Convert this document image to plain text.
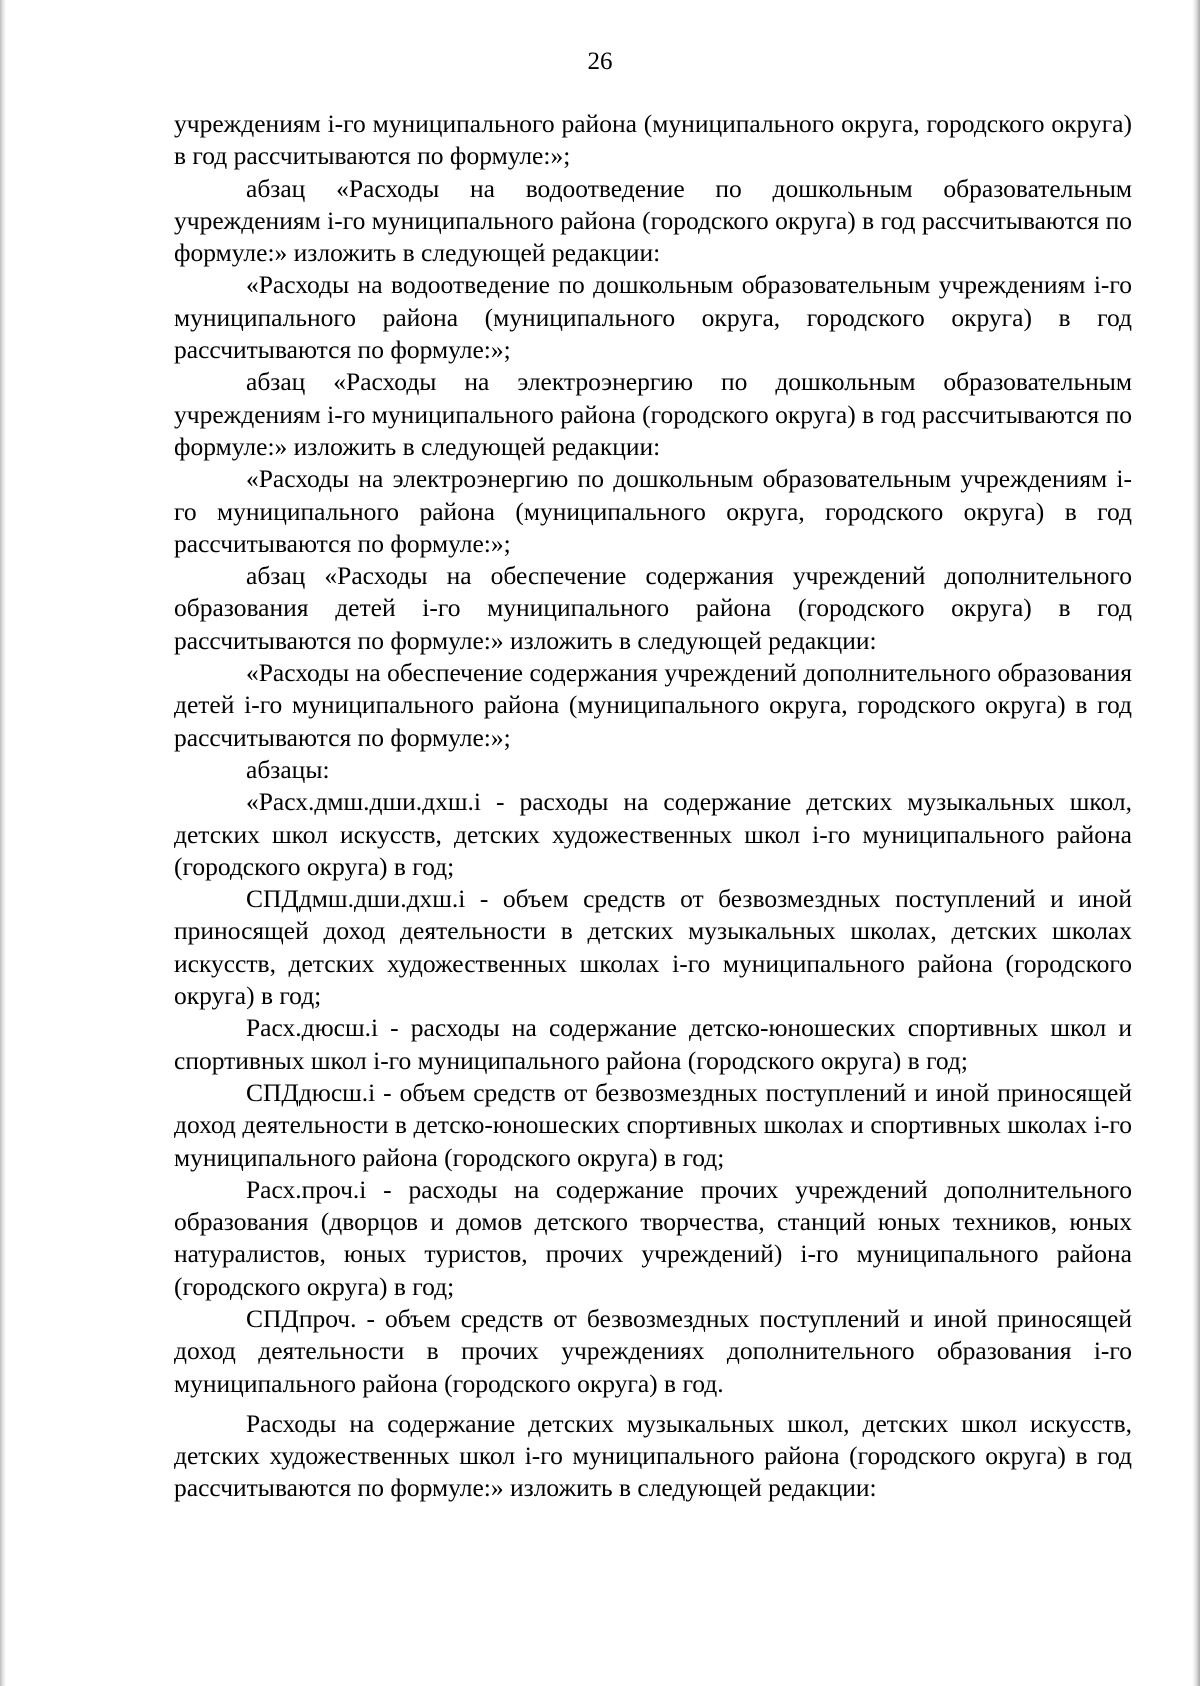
26

учреждениям i-го муниципального района (муниципального округа, городского округа) в год рассчитываются по формуле:»;

абзац «Расходы на водоотведение по дошкольным образовательным учреждениям i-го муниципального района (городского округа) в год рассчитываются по формуле:» изложить в следующей редакции:

«Расходы на водоотведение по дошкольным образовательным учреждениям i-го муниципального района (муниципального округа, городского округа) в год рассчитываются по формуле:»;

абзац «Расходы на электроэнергию по дошкольным образовательным учреждениям i-го муниципального района (городского округа) в год рассчитываются по формуле:» изложить в следующей редакции:

«Расходы на электроэнергию по дошкольным образовательным учреждениям i-го муниципального района (муниципального округа, городского округа) в год рассчитываются по формуле:»;

абзац «Расходы на обеспечение содержания учреждений дополнительного образования детей i-го муниципального района (городского округа) в год рассчитываются по формуле:» изложить в следующей редакции:

«Расходы на обеспечение содержания учреждений дополнительного образования детей i-го муниципального района (муниципального округа, городского округа) в год рассчитываются по формуле:»;

абзацы:

«Расх.дмш.дши.дхш.i - расходы на содержание детских музыкальных школ, детских школ искусств, детских художественных школ i-го муниципального района (городского округа) в год;

СПДдмш.дши.дхш.i - объем средств от безвозмездных поступлений и иной приносящей доход деятельности в детских музыкальных школах, детских школах искусств, детских художественных школах i-го муниципального района (городского округа) в год;

Расх.дюсш.i - расходы на содержание детско-юношеских спортивных школ и спортивных школ i-го муниципального района (городского округа) в год;

СПДдюсш.i - объем средств от безвозмездных поступлений и иной приносящей доход деятельности в детско-юношеских спортивных школах и спортивных школах i-го муниципального района (городского округа) в год;

Расх.проч.i - расходы на содержание прочих учреждений дополнительного образования (дворцов и домов детского творчества, станций юных техников, юных натуралистов, юных туристов, прочих учреждений) i-го муниципального района (городского округа) в год;

СПДпроч. - объем средств от безвозмездных поступлений и иной приносящей доход деятельности в прочих учреждениях дополнительного образования i-го муниципального района (городского округа) в год.

Расходы на содержание детских музыкальных школ, детских школ искусств, детских художественных школ i-го муниципального района (городского округа) в год рассчитываются по формуле:» изложить в следующей редакции:
